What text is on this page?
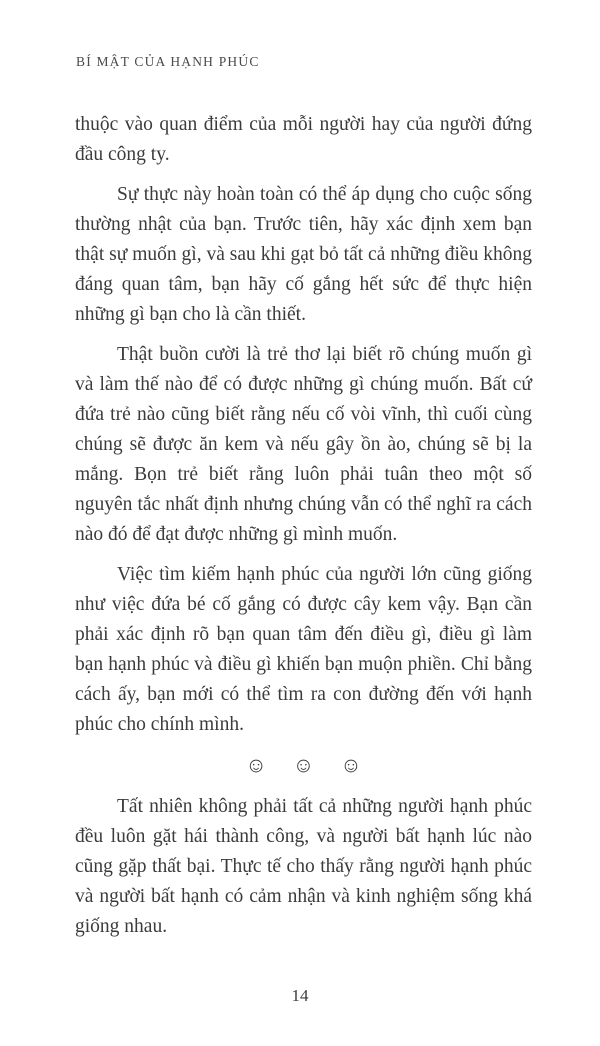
BÍ MẬT CỦA HẠNH PHÚC

thuộc vào quan điểm của mỗi người hay của người đứng đầu công ty.

Sự thực này hoàn toàn có thể áp dụng cho cuộc sống thường nhật của bạn. Trước tiên, hãy xác định xem bạn thật sự muốn gì, và sau khi gạt bỏ tất cả những điều không đáng quan tâm, bạn hãy cố gắng hết sức để thực hiện những gì bạn cho là cần thiết.

Thật buồn cười là trẻ thơ lại biết rõ chúng muốn gì và làm thế nào để có được những gì chúng muốn. Bất cứ đứa trẻ nào cũng biết rằng nếu cố vòi vĩnh, thì cuối cùng chúng sẽ được ăn kem và nếu gây ồn ào, chúng sẽ bị la mắng. Bọn trẻ biết rằng luôn phải tuân theo một số nguyên tắc nhất định nhưng chúng vẫn có thể nghĩ ra cách nào đó để đạt được những gì mình muốn.

Việc tìm kiếm hạnh phúc của người lớn cũng giống như việc đứa bé cố gắng có được cây kem vậy. Bạn cần phải xác định rõ bạn quan tâm đến điều gì, điều gì làm bạn hạnh phúc và điều gì khiến bạn muộn phiền. Chỉ bằng cách ấy, bạn mới có thể tìm ra con đường đến với hạnh phúc cho chính mình.

☺ ☺ ☺

Tất nhiên không phải tất cả những người hạnh phúc đều luôn gặt hái thành công, và người bất hạnh lúc nào cũng gặp thất bại. Thực tế cho thấy rằng người hạnh phúc và người bất hạnh có cảm nhận và kinh nghiệm sống khá giống nhau.

14
